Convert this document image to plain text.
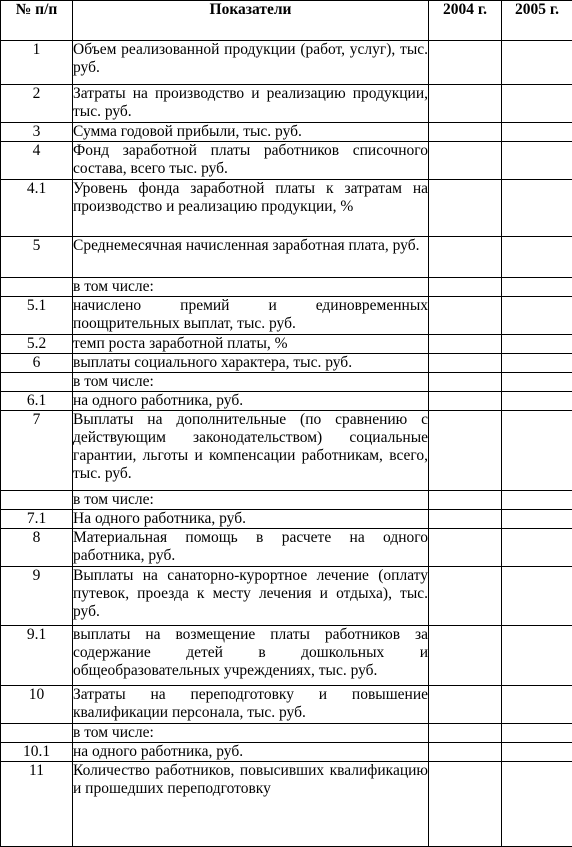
№ п/п	Показатели	2004 г.	2005 г.
1	Объем реализованной продукции (работ, услуг), тыс. руб.		
2	Затраты на производство и реализацию продукции, тыс. руб.		
3	Сумма годовой прибыли, тыс. руб.		
4	Фонд заработной платы работников списочного состава, всего тыс. руб.		
4.1	Уровень фонда заработной платы к затратам на производство и реализацию продукции, %		
5	Среднемесячная начисленная заработная плата, руб.		
	в том числе:		
5.1	начислено премий и единовременных поощрительных выплат, тыс. руб.		
5.2	темп роста заработной платы, %		
6	выплаты социального характера, тыс. руб.		
	в том числе:		
6.1	на одного работника, руб.		
7	Выплаты на дополнительные (по сравнению с действующим законодательством) социальные гарантии, льготы и компенсации работникам, всего, тыс. руб.		
	в том числе:		
7.1	На одного работника, руб.		
8	Материальная помощь в расчете на одного работника, руб.		
9	Выплаты на санаторно-курортное лечение (оплату путевок, проезда к месту лечения и отдыха), тыс. руб.		
9.1	выплаты на возмещение платы работников за содержание детей в дошкольных и общеобразовательных учреждениях, тыс. руб.		
10	Затраты на переподготовку и повышение квалификации персонала, тыс. руб.		
	в том числе:		
10.1	на одного работника, руб.		
11	Количество работников, повысивших квалификацию и прошедших переподготовку		
